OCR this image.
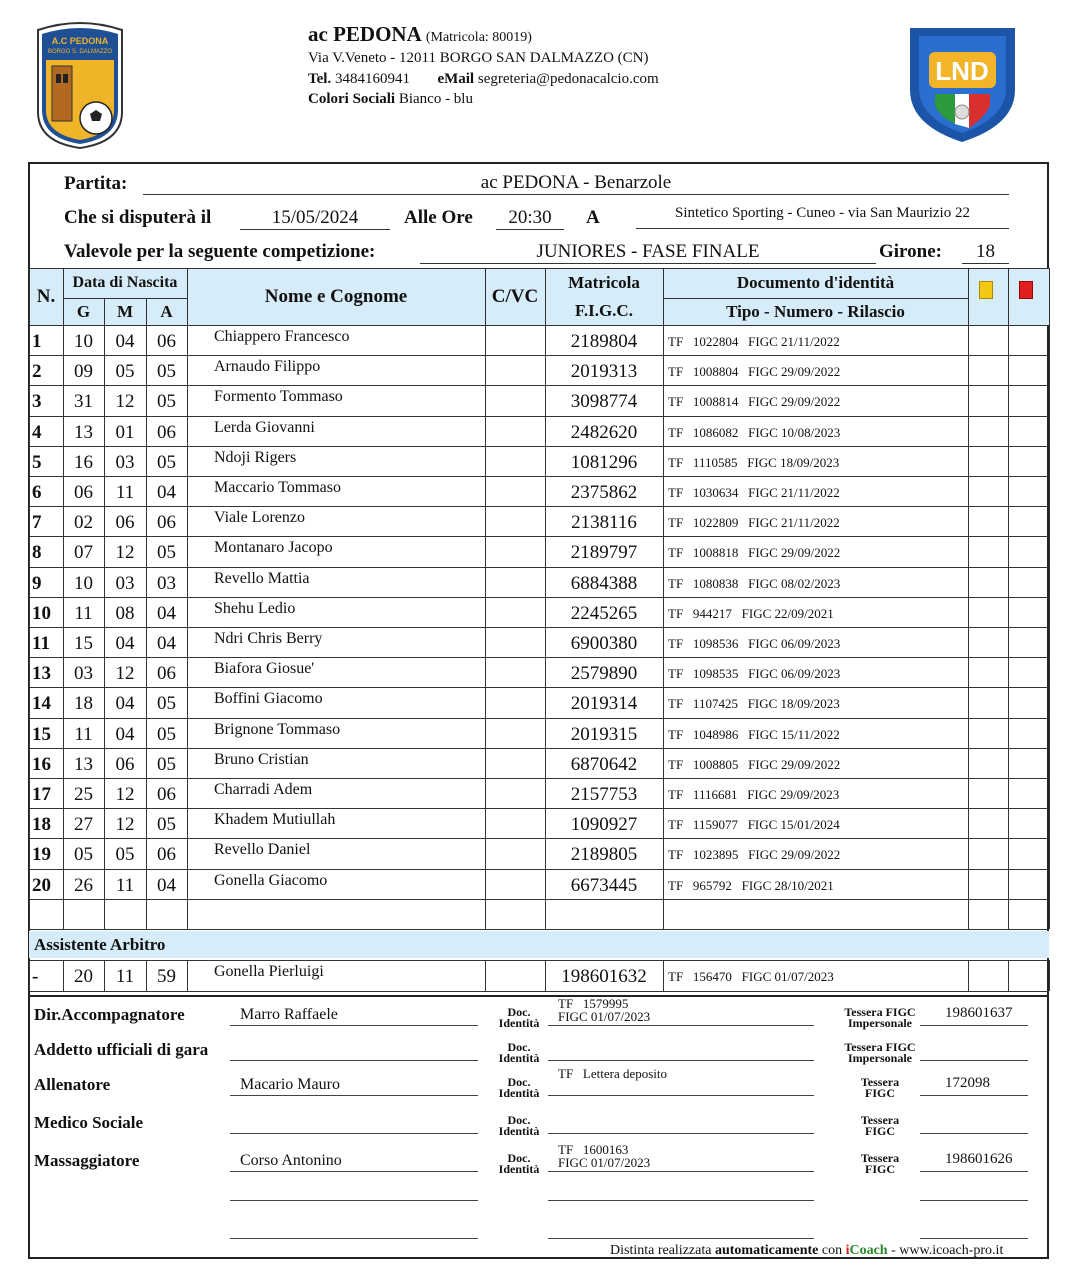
A.C PEDONA
BORGO S. DALMAZZO
ac PEDONA (Matricola: 80019)
Via V.Veneto - 12011 BORGO SAN DALMAZZO (CN)
Tel. 3484160941 eMail segreteria@pedonacalcio.com
Colori Sociali Bianco - blu
LND
Partita:	ac PEDONA - Benarzole
Che si disputerà il	15/05/2024	Alle Ore	20:30	A	Sintetico Sporting - Cuneo - via San Maurizio 22
Valevole per la seguente competizione:	JUNIORES - FASE FINALE	Girone:	18
N.
Data di Nascita
G	M	A
Nome e Cognome	C/VC
Matricola
F.I.G.C.
Documento d'identità
Tipo - Numero - Rilascio
1	10	04	06	Chiappero Francesco	2189804	TF   1022804   FIGC 21/11/2022
2	09	05	05	Arnaudo Filippo	2019313	TF   1008804   FIGC 29/09/2022
3	31	12	05	Formento Tommaso	3098774	TF   1008814   FIGC 29/09/2022
4	13	01	06	Lerda Giovanni	2482620	TF   1086082   FIGC 10/08/2023
5	16	03	05	Ndoji Rigers	1081296	TF   1110585   FIGC 18/09/2023
6	06	11	04	Maccario Tommaso	2375862	TF   1030634   FIGC 21/11/2022
7	02	06	06	Viale Lorenzo	2138116	TF   1022809   FIGC 21/11/2022
8	07	12	05	Montanaro Jacopo	2189797	TF   1008818   FIGC 29/09/2022
9	10	03	03	Revello Mattia	6884388	TF   1080838   FIGC 08/02/2023
10	11	08	04	Shehu Ledio	2245265	TF   944217   FIGC 22/09/2021
11	15	04	04	Ndri Chris Berry	6900380	TF   1098536   FIGC 06/09/2023
13	03	12	06	Biafora Giosue'	2579890	TF   1098535   FIGC 06/09/2023
14	18	04	05	Boffini Giacomo	2019314	TF   1107425   FIGC 18/09/2023
15	11	04	05	Brignone Tommaso	2019315	TF   1048986   FIGC 15/11/2022
16	13	06	05	Bruno Cristian	6870642	TF   1008805   FIGC 29/09/2022
17	25	12	06	Charradi Adem	2157753	TF   1116681   FIGC 29/09/2023
18	27	12	05	Khadem Mutiullah	1090927	TF   1159077   FIGC 15/01/2024
19	05	05	06	Revello Daniel	2189805	TF   1023895   FIGC 29/09/2022
20	26	11	04	Gonella Giacomo	6673445	TF   965792   FIGC 28/10/2021
Assistente Arbitro
-	20	11	59	Gonella Pierluigi	198601632	TF   156470   FIGC 01/07/2023
Dir.Accompagnatore	Marro Raffaele	Doc.
Identità
TF   1579995
FIGC 01/07/2023	Tessera FIGC
Impersonale
198601637
Addetto ufficiali di gara	Doc.
Identità
Tessera FIGC
Impersonale
Allenatore	Macario Mauro	Doc.
Identità
TF   Lettera deposito
Tessera
FIGC
172098
Medico Sociale	Doc.
Identità
Tessera
FIGC
Massaggiatore	Corso Antonino	Doc.
Identità
TF   1600163
FIGC 01/07/2023	Tessera
FIGC
198601626
Distinta realizzata automaticamente con iCoach - www.icoach-pro.it
